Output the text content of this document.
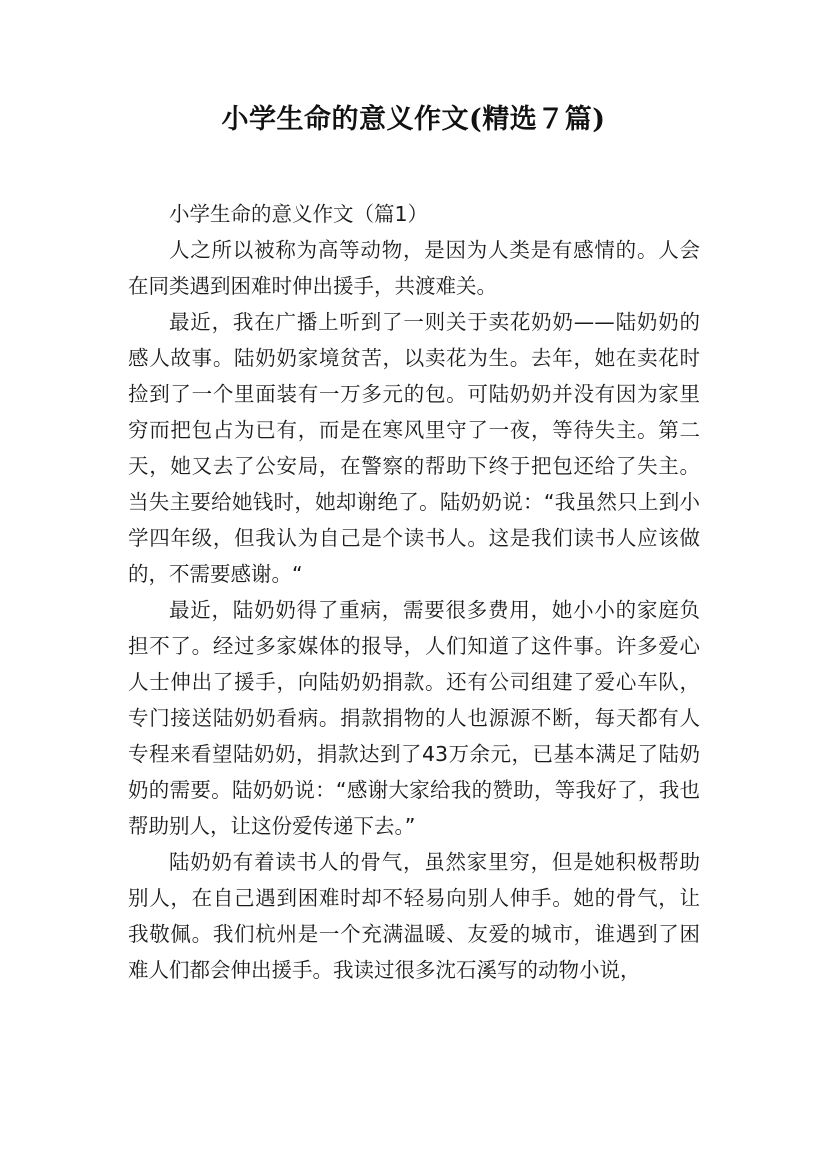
小学生命的意义作文(精选７篇)

小学生命的意义作文（篇1）

人之所以被称为高等动物，是因为人类是有感情的。人会在同类遇到困难时伸出援手，共渡难关。

最近，我在广播上听到了一则关于卖花奶奶——陆奶奶的感人故事。陆奶奶家境贫苦，以卖花为生。去年，她在卖花时捡到了一个里面装有一万多元的包。可陆奶奶并没有因为家里穷而把包占为已有，而是在寒风里守了一夜，等待失主。第二天，她又去了公安局，在警察的帮助下终于把包还给了失主。当失主要给她钱时，她却谢绝了。陆奶奶说：“我虽然只上到小学四年级，但我认为自己是个读书人。这是我们读书人应该做的，不需要感谢。“

最近，陆奶奶得了重病，需要很多费用，她小小的家庭负担不了。经过多家媒体的报导，人们知道了这件事。许多爱心人士伸出了援手，向陆奶奶捐款。还有公司组建了爱心车队，专门接送陆奶奶看病。捐款捐物的人也源源不断，每天都有人专程来看望陆奶奶，捐款达到了43万余元，已基本满足了陆奶奶的需要。陆奶奶说：“感谢大家给我的赞助，等我好了，我也帮助别人，让这份爱传递下去。”

陆奶奶有着读书人的骨气，虽然家里穷，但是她积极帮助别人，在自己遇到困难时却不轻易向别人伸手。她的骨气，让我敬佩。我们杭州是一个充满温暖、友爱的城市，谁遇到了困难人们都会伸出援手。我读过很多沈石溪写的动物小说，
